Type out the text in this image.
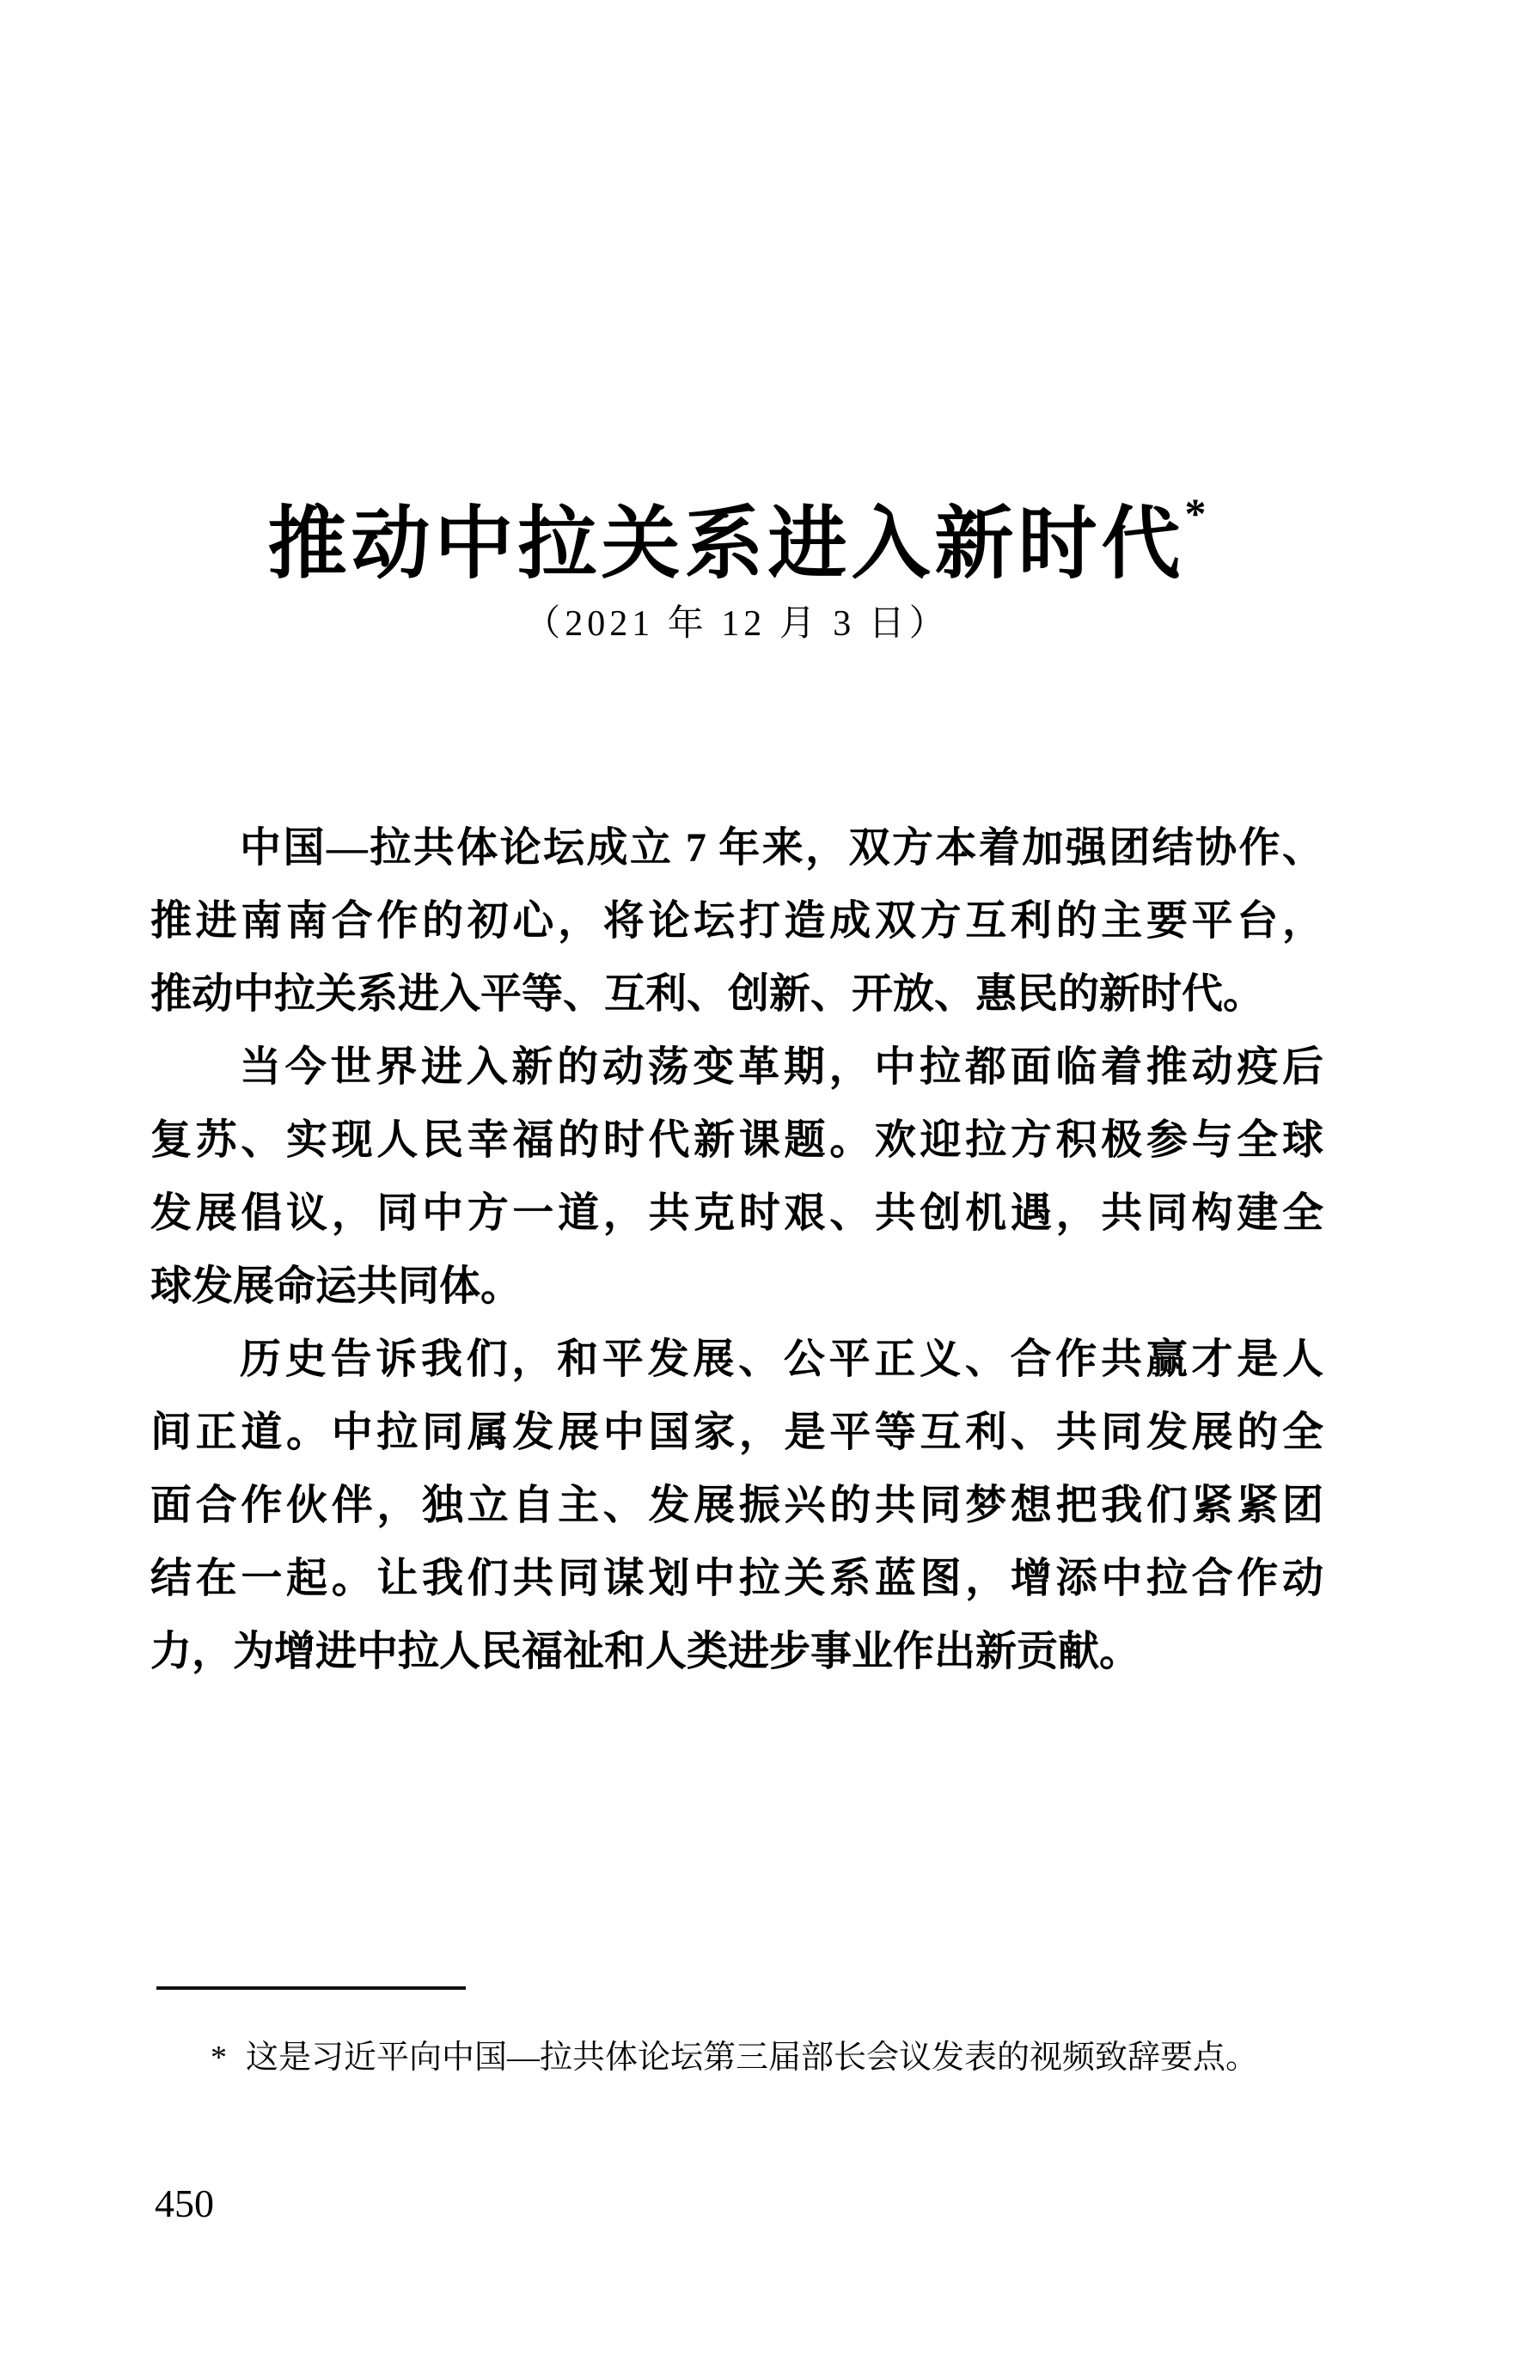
推动中拉关系进入新时代*
（2021 年 12 月 3 日）
中国—拉共体论坛成立 7 年来，双方本着加强团结协作、
推进南南合作的初心，将论坛打造成双方互利的主要平台，
推动中拉关系进入平等、互利、创新、开放、惠民的新时代。
当今世界进入新的动荡变革期，中拉都面临着推动疫后
复苏、实现人民幸福的时代新课题。欢迎拉方积极参与全球
发展倡议，同中方一道，共克时艰、共创机遇，共同构建全
球发展命运共同体。
历史告诉我们，和平发展、公平正义、合作共赢才是人
间正道。中拉同属发展中国家，是平等互利、共同发展的全
面合作伙伴，独立自主、发展振兴的共同梦想把我们紧紧团
结在一起。让我们共同谋划中拉关系蓝图，增添中拉合作动
力，为增进中拉人民福祉和人类进步事业作出新贡献。
* 这是习近平向中国—拉共体论坛第三届部长会议发表的视频致辞要点。
450
